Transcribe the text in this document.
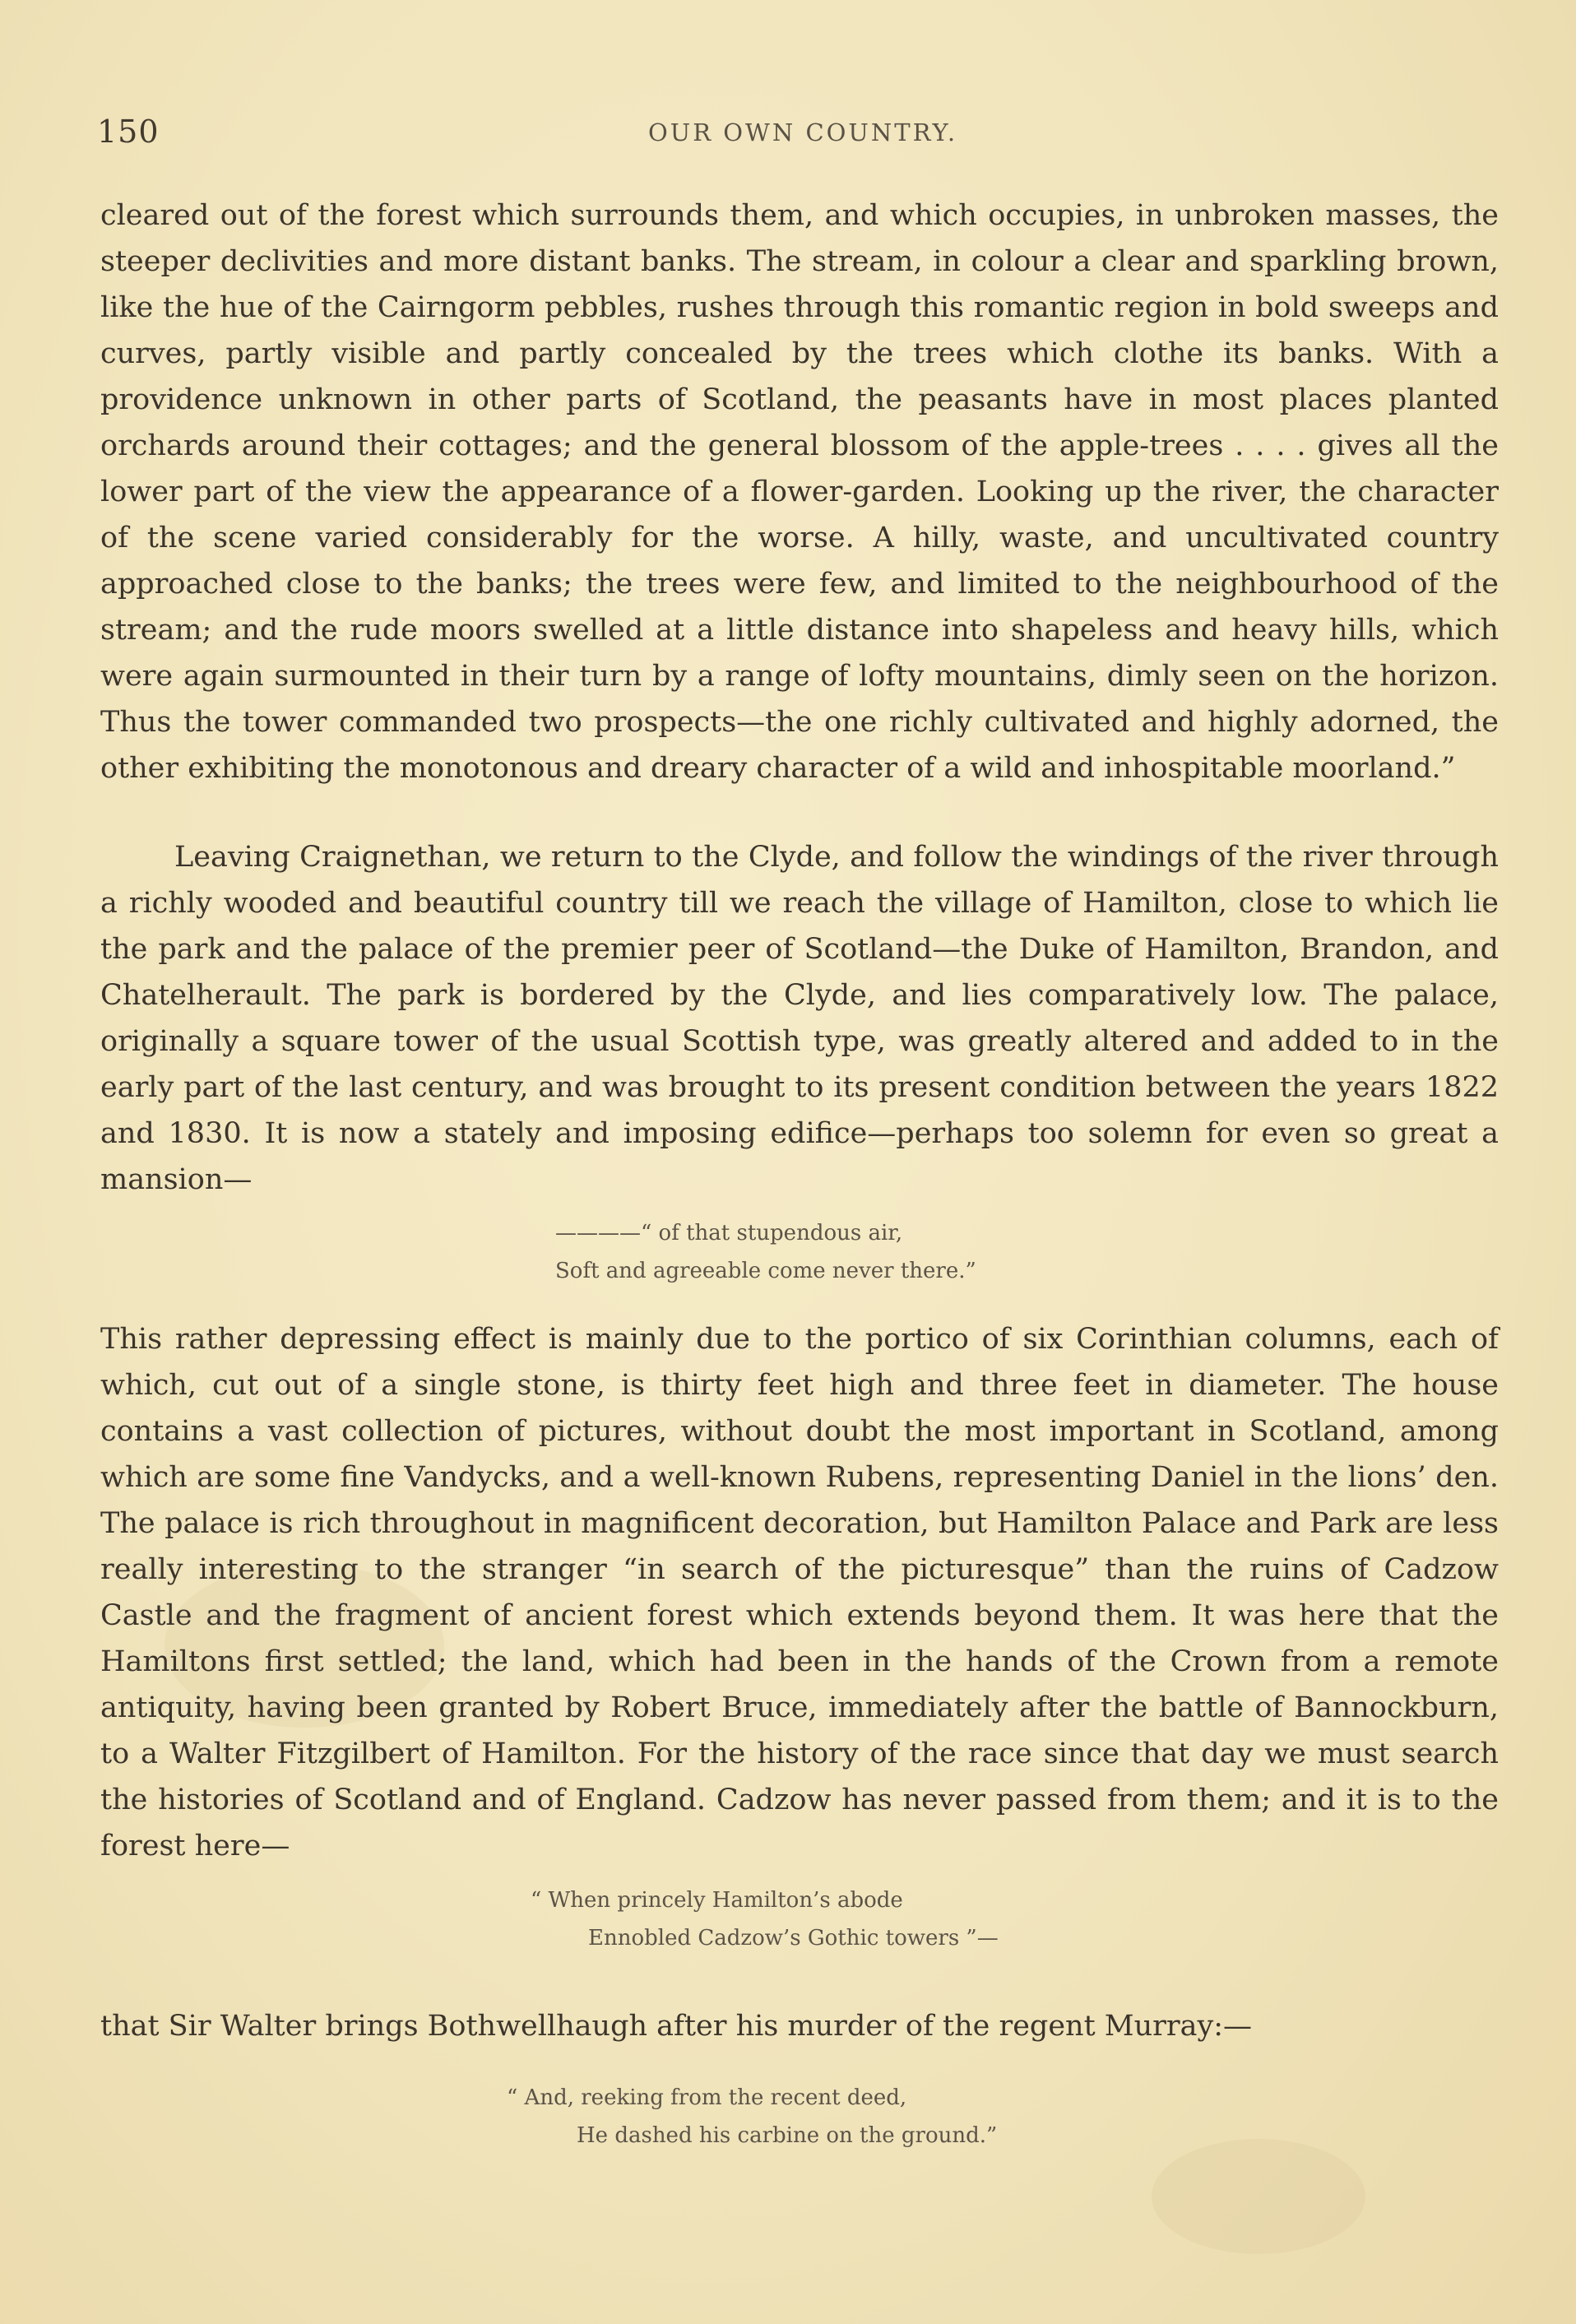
150	OUR OWN COUNTRY.

cleared out of the forest which surrounds them, and which occupies, in unbroken masses, the steeper declivities and more distant banks. The stream, in colour a clear and sparkling brown, like the hue of the Cairngorm pebbles, rushes through this romantic region in bold sweeps and curves, partly visible and partly concealed by the trees which clothe its banks. With a providence unknown in other parts of Scotland, the peasants have in most places planted orchards around their cottages; and the general blossom of the apple-trees . . . . gives all the lower part of the view the appearance of a flower-garden. Looking up the river, the character of the scene varied considerably for the worse. A hilly, waste, and uncultivated country approached close to the banks; the trees were few, and limited to the neighbourhood of the stream; and the rude moors swelled at a little distance into shapeless and heavy hills, which were again surmounted in their turn by a range of lofty mountains, dimly seen on the horizon. Thus the tower commanded two prospects—the one richly cultivated and highly adorned, the other exhibiting the monotonous and dreary character of a wild and inhospitable moorland.”

Leaving Craignethan, we return to the Clyde, and follow the windings of the river through a richly wooded and beautiful country till we reach the village of Hamilton, close to which lie the park and the palace of the premier peer of Scotland—the Duke of Hamilton, Brandon, and Chatelherault. The park is bordered by the Clyde, and lies comparatively low. The palace, originally a square tower of the usual Scottish type, was greatly altered and added to in the early part of the last century, and was brought to its present condition between the years 1822 and 1830. It is now a stately and imposing edifice—perhaps too solemn for even so great a mansion—

————“ of that stupendous air,
Soft and agreeable come never there.”

This rather depressing effect is mainly due to the portico of six Corinthian columns, each of which, cut out of a single stone, is thirty feet high and three feet in diameter. The house contains a vast collection of pictures, without doubt the most important in Scotland, among which are some fine Vandycks, and a well-known Rubens, representing Daniel in the lions’ den. The palace is rich throughout in magnificent decoration, but Hamilton Palace and Park are less really interesting to the stranger “in search of the picturesque” than the ruins of Cadzow Castle and the fragment of ancient forest which extends beyond them. It was here that the Hamiltons first settled; the land, which had been in the hands of the Crown from a remote antiquity, having been granted by Robert Bruce, immediately after the battle of Bannockburn, to a Walter Fitzgilbert of Hamilton. For the history of the race since that day we must search the histories of Scotland and of England. Cadzow has never passed from them; and it is to the forest here—

“ When princely Hamilton’s abode
Ennobled Cadzow’s Gothic towers ”—

that Sir Walter brings Bothwellhaugh after his murder of the regent Murray:—

“ And, reeking from the recent deed,
He dashed his carbine on the ground.”
